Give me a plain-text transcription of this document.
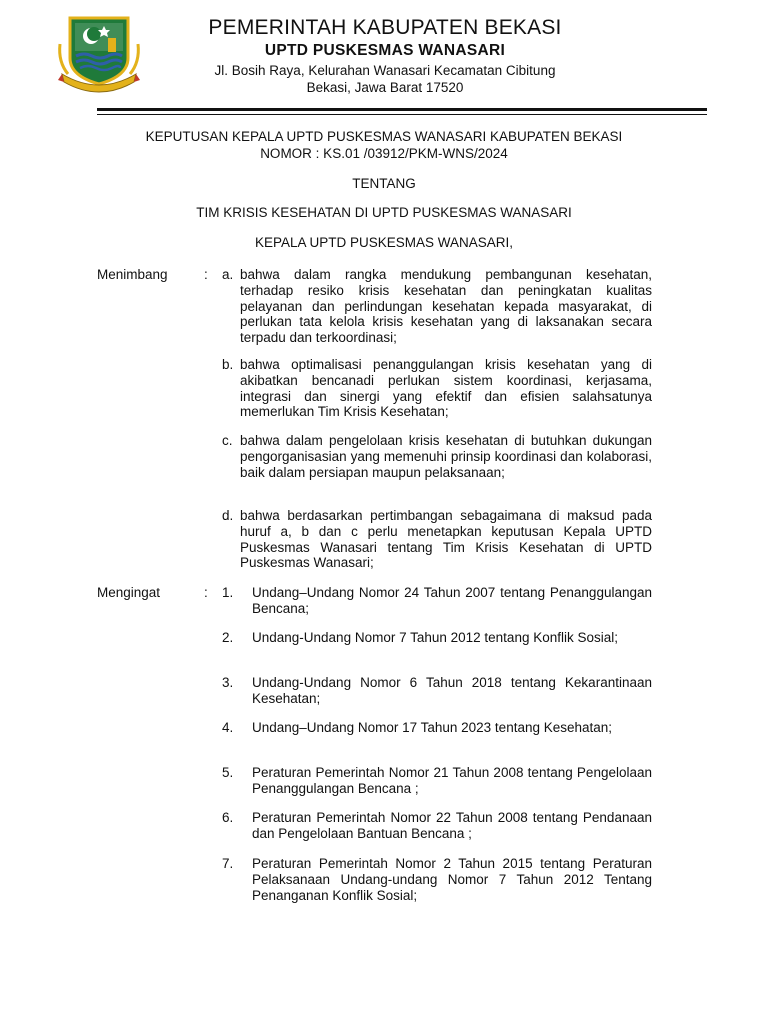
PEMERINTAH KABUPATEN BEKASI
UPTD PUSKESMAS WANASARI
Jl. Bosih Raya, Kelurahan Wanasari Kecamatan Cibitung
Bekasi, Jawa Barat 17520
KEPUTUSAN KEPALA UPTD PUSKESMAS WANASARI KABUPATEN BEKASI
NOMOR : KS.01 /03912/PKM-WNS/2024
TENTANG
TIM KRISIS KESEHATAN DI UPTD PUSKESMAS WANASARI
KEPALA UPTD PUSKESMAS WANASARI,
Menimbang	: a. bahwa dalam rangka mendukung pembangunan kesehatan, terhadap resiko krisis kesehatan dan peningkatan kualitas pelayanan dan perlindungan kesehatan kepada masyarakat, di perlukan tata kelola krisis kesehatan yang di laksanakan secara terpadu dan terkoordinasi;
b. bahwa optimalisasi penanggulangan krisis kesehatan yang di akibatkan bencanadi perlukan sistem koordinasi, kerjasama, integrasi dan sinergi yang efektif dan efisien salahsatunya memerlukan Tim Krisis Kesehatan;
c. bahwa dalam pengelolaan krisis kesehatan di butuhkan dukungan pengorganisasian yang memenuhi prinsip koordinasi dan kolaborasi, baik dalam persiapan maupun pelaksanaan;
d. bahwa berdasarkan pertimbangan sebagaimana di maksud pada huruf a, b dan c perlu menetapkan keputusan Kepala UPTD Puskesmas Wanasari tentang Tim Krisis Kesehatan di UPTD Puskesmas Wanasari;
Mengingat	: 1. Undang–Undang Nomor 24 Tahun 2007 tentang Penanggulangan Bencana;
2. Undang-Undang Nomor 7 Tahun 2012 tentang Konflik Sosial;
3. Undang-Undang Nomor 6 Tahun 2018 tentang Kekarantinaan Kesehatan;
4. Undang–Undang Nomor 17 Tahun 2023 tentang Kesehatan;
5. Peraturan Pemerintah Nomor 21 Tahun 2008 tentang Pengelolaan Penanggulangan Bencana ;
6. Peraturan Pemerintah Nomor 22 Tahun 2008 tentang Pendanaan dan Pengelolaan Bantuan Bencana ;
7. Peraturan Pemerintah Nomor 2 Tahun 2015 tentang Peraturan Pelaksanaan Undang-undang Nomor 7 Tahun 2012 Tentang Penanganan Konflik Sosial;
